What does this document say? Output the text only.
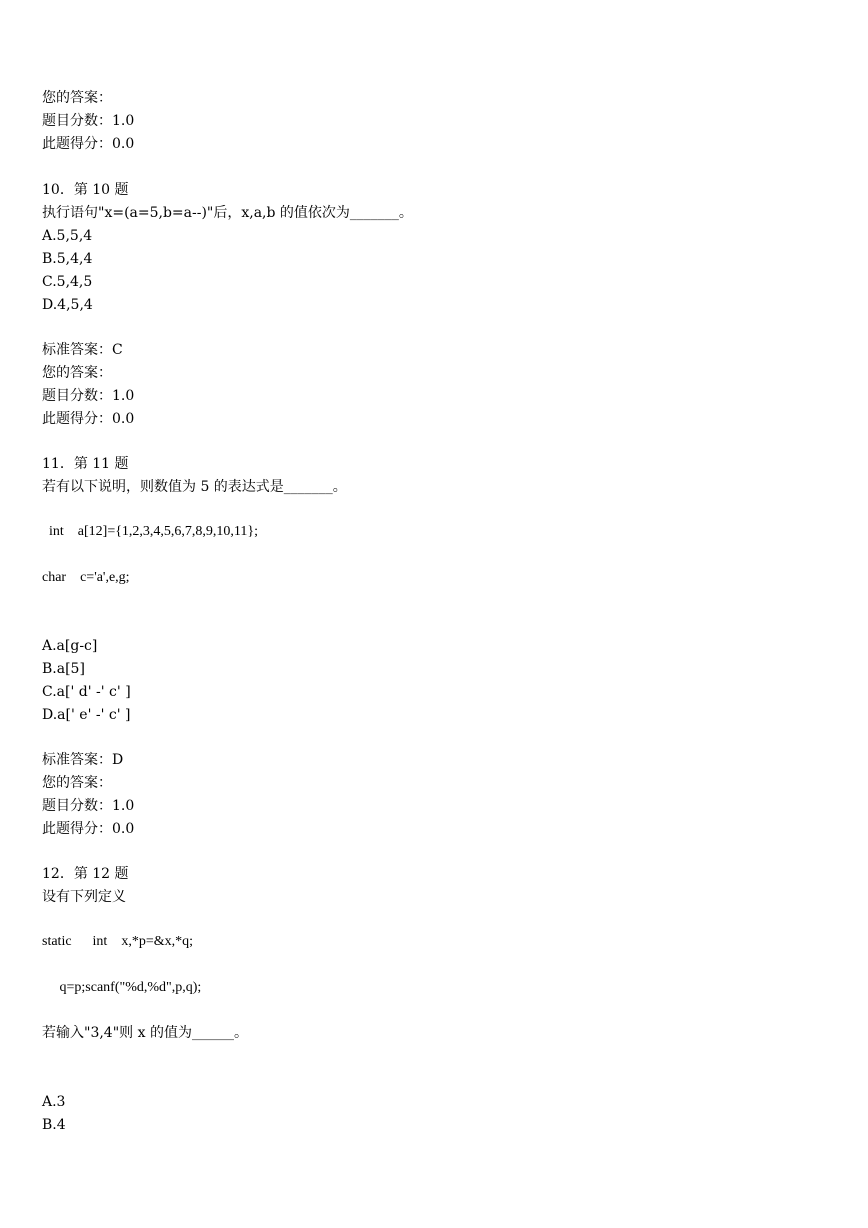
您的答案：
题目分数：1.0
此题得分：0.0
10．第 10 题
执行语句"x=(a=5,b=a--)"后，x,a,b 的值依次为_______。
A.5,5,4
B.5,4,4
C.5,4,5
D.4,5,4
标准答案：C
您的答案：
题目分数：1.0
此题得分：0.0
11．第 11 题
若有以下说明，则数值为 5 的表达式是_______。
int    a[12]={1,2,3,4,5,6,7,8,9,10,11};
char    c='a',e,g;
A.a[g-c]
B.a[5]
C.a[' d' -' c' ]
D.a[' e' -' c' ]
标准答案：D
您的答案：
题目分数：1.0
此题得分：0.0
12．第 12 题
设有下列定义
static      int    x,*p=&x,*q;
q=p;scanf("%d,%d",p,q);
若输入"3,4"则 x 的值为______。
A.3
B.4
